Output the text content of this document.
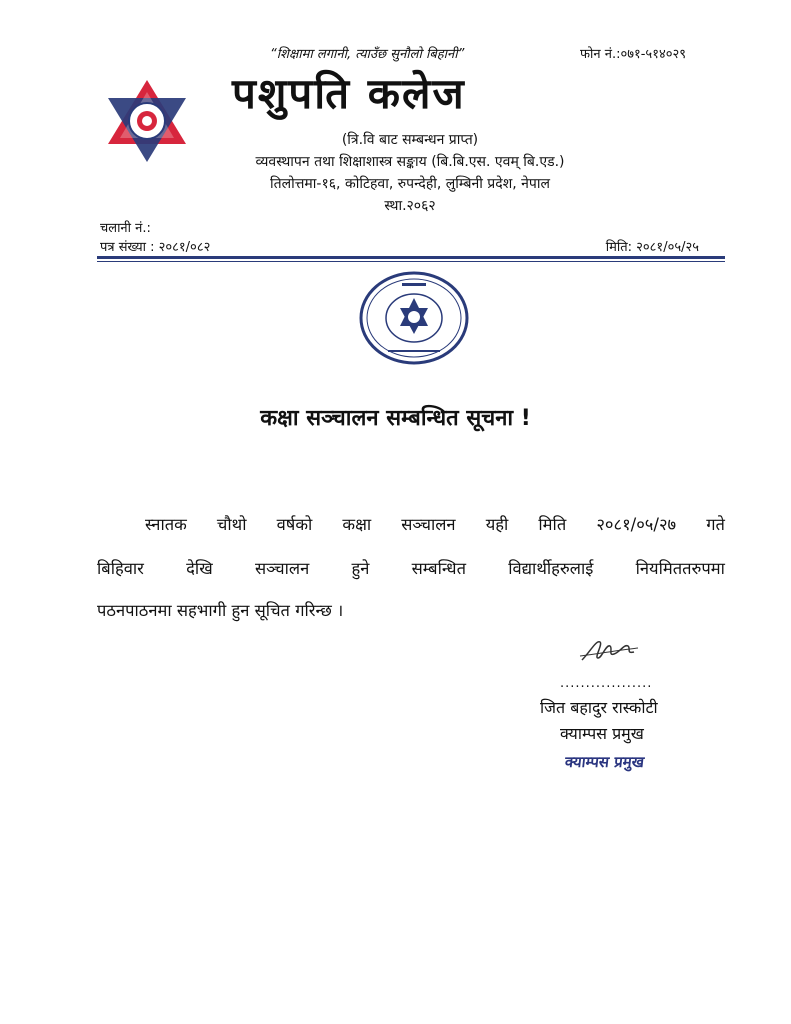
“शिक्षामा लगानी, त्याउँछ सुनौलो बिहानी”	फोन नं.:०७१-५१४०२९
पशुपति कलेज
(त्रि.वि बाट सम्बन्धन प्राप्त)
व्यवस्थापन तथा शिक्षाशास्त्र सङ्काय (बि.बि.एस. एवम् बि.एड.)
तिलोत्तमा-१६, कोटिहवा, रुपन्देही, लुम्बिनी प्रदेश, नेपाल
स्था.२०६२
चलानी नं.:
पत्र संख्या : २०८१/०८२	मिति: २०८१/०५/२५
कक्षा सञ्चालन सम्बन्धित सूचना !
स्नातक चौथो वर्षको कक्षा सञ्चालन यही मिति २०८१/०५/२७ गते
बिहिवार	देखि	सञ्चालन	हुने	सम्बन्धित	विद्यार्थीहरुलाई	नियमिततरुपमा
पठनपाठनमा सहभागी हुन सूचित गरिन्छ ।
..................
जित बहादुर रास्कोटी
क्याम्पस प्रमुख
क्याम्पस प्रमुख
